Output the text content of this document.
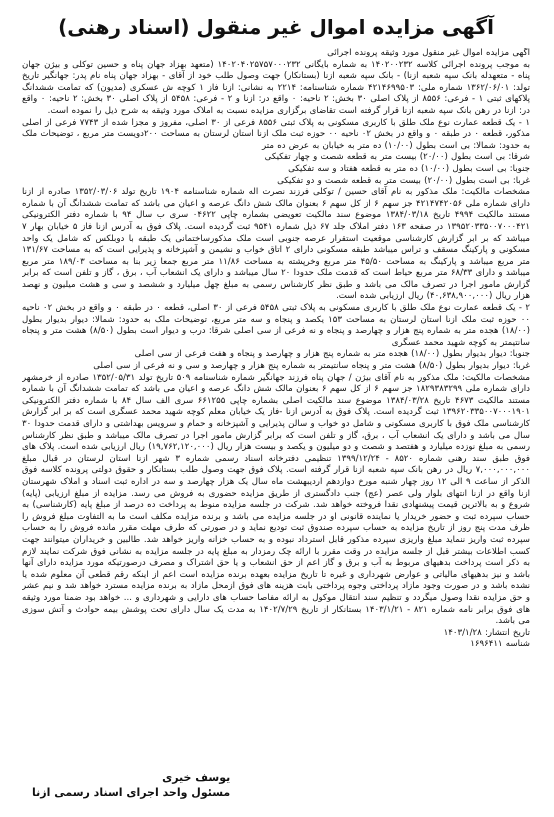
آگهی مزایده اموال غیر منقول (اسناد رهنی)

آگهی مزایده اموال غیر منقول مورد وثیقه پرونده اجرائی

به موجب پرونده اجرائی کلاسه ۱۴۰۲۰۰۲۳۲ به شماره بایگانی ۱۴۰۲۰۴۰۲۵۷۵۷۰۰۰۲۳۲ (متعهد بهزاد جهان پناه و حسین توکلی و بیژن جهان پناه - متعهدله بانک سپه شعبه ازنا) - بانک سپه شعبه ازنا (بستانکار) جهت وصول طلب خود از آقای - بهزاد جهان پناه نام پدر: جهانگیر تاریخ تولد: ۱۳۶۲/۰۶/۰۱ شماره ملی: ۴۲۱۴۶۹۹۵۰۳ شماره شناسنامه: ۲۲۱۴ به نشانی: ازنا فاز ۱ کوچه ش عسکری (مدیون) که تمامت ششدانگ پلاکهای ثبتی ۱ - فرعی: ۸۵۵۶ از پلاک اصلی ۳۰ بخش: ۲ ناحیه: ۰ واقع در: ازنا و ۲ - فرعی: ۵۴۵۸ از پلاک اصلی ۳۰ بخش: ۲ ناحیه: ۰ واقع در: ازنا در رهن بانک سپه شعبه ازنا قرار گرفته است تقاضای برگزاری مزایده نسبت به املاک مورد وثیقه به شرح ذیل را نموده است.

۱ - یک قطعه عمارت نوع ملک طلق با کاربری مسکونی به پلاک ثبتی ۸۵۵۶ فرعی از ۳۰ اصلی، مفروز و مجزا شده از ۷۷۴۳ فرعی از اصلی مذکور، قطعه ۰ در طبقه ۰ و واقع در بخش ۰۲ ناحیه ۰۰ حوزه ثبت ملک ازنا استان لرستان به مساحت ۲۰۰دویست متر مربع ، توضیحات ملک به حدود: شمالا: بی است بطول (۱۰/۰۰) ده متر به خیابان به عرض ده متر

شرقا: بی است بطول (۲۰/۰۰) بیست متر به قطعه شصت و چهار تفکیکی

جنوبا: بی است بطول (۱۰/۰۰) ده متر به قطعه هفتاد و سه تفکیکی

غربا: بی است بطول (۲۰/۰۰) بیست متر به قطعه شصت و دو تفکیکی

مشخصات مالکیت: ملک مذکور به نام آقای حسین / توکلی فرزند نصرت اله شماره شناسنامه ۱۹۰۴ تاریخ تولد ۱۳۵۲/۰۳/۰۶ صادره از ازنا دارای شماره ملی ۴۲۱۴۷۴۲۰۵۶ جز سهم ۶ از کل سهم ۶ بعنوان مالک شش دانگ عرصه و اعیان می باشد که تمامت ششدانگ آن با شماره مستند مالکیت ۴۹۹۴ تاریخ ۱۳۸۴/۰۳/۱۸ موضوع سند مالکیت تعویضی بشماره چاپی ۰۴۶۲۲ سری ب سال ۹۴ با شماره دفتر الکترونیکی ۱۳۹۵۲۰۳۳۵۰۰۷۰۰۰۴۲۱ در صفحه ۱۶۳ دفتر املاک جلد ۶۷ ذیل شماره ۹۵۴۱ ثبت گردیده است. پلاک فوق به آدرس ازنا فاز ۵ خیابان بهار ۷ میباشد که بر ابر گزارش کارشناسی موقعیت استقرار عرصه جنوبی است ملک مذکورساختمانی یک طبقه با دوبلکس که شامل یک واحد مسکونی و پارکینگ مسقف و تراس میباشد طبقه مسکونی دارای ۲ اتاق خواب و نشیمن و آشپزخانه و پذیرایی است که به مساحت ۱۳۱/۶۷ متر مربع میباشد و پارکینگ به مساحت ۴۵/۵۰ متر مربع وخرپشته به مساحت ۱۱/۸۶ متر مربع جمعا زیر بنا به مساحت ۱۸۹/۰۳ متر مربع میباشد و دارای ۶۸/۳۳ متر مربع حیاط است که قدمت ملک حدودا ۲۰ سال میباشد و دارای یک انشعاب آب ، برق ، گاز و تلفن است که برابر گزارش مامور اجرا در تصرف مالک می باشد و طبق نظر کارشناس رسمی به مبلغ چهل میلیارد و ششصد و سی و هشت میلیون و نهصد هزار ریال (۴۰,۶۳۸,۹۰۰,۰۰۰) ریال ارزیابی شده است.

۲ - یک قطعه عمارت نوع ملک طلق با کاربری مسکونی به پلاک ثبتی ۵۴۵۸ فرعی از ۳۰ اصلی، قطعه ۰ در طبقه ۰ و واقع در بخش ۰۲ ناحیه ۰۰ حوزه ثبت ملک ازنا استان لرستان به مساحت ۱۵۳ یکصد و پنجاه و سه متر مربع، توضیحات ملک به حدود: شمالا: دیوار بدیوار بطول (۱۸/۰۰) هجده متر به شماره پنج هزار و چهارصد و پنجاه و نه فرعی از سی اصلی شرقا: درب و دیوار است بطول (۸/۵۰) هشت متر و پنجاه سانتیمتر به کوچه شهید محمد عسگری

جنوبا: دیوار بدیوار بطول (۱۸/۰۰) هجده متر به شماره پنج هزار و چهارصد و پنجاه و هفت فرعی از سی اصلی

غربا: دیوار بدیوار بطول (۸/۵۰) هشت متر و پنجاه سانتیمتر به شماره پنج هزار و چهارصد و سی و نه فرعی از سی اصلی

مشخصات مالکیت: ملک مذکور به نام آقای بیژن / جهان پناه فرزند جهانگیر شماره شناسنامه ۵۰۹ تاریخ تولد ۱۳۵۲/۰۵/۳۱ صادره از خرمشهر دارای شماره ملی ۱۸۲۹۳۸۳۲۹۹ جز سهم ۶ از کل سهم ۶ بعنوان مالک شش دانگ عرصه و اعیان می باشد که تمامت ششدانگ آن با شماره مستند مالکیت ۴۶۷۳ تاریخ ۱۳۸۴/۰۳/۲۸ موضوع سند مالکیت اصلی بشماره چاپی ۶۶۱۲۵۵ سری الف سال ۸۴ با شماره دفتر الکترونیکی ۱۳۹۶۲۰۳۳۵۰۰۷۰۰۰۱۹۰۱ ثبت گردیده است. پلاک فوق به آدرس ازنا -فاز یک خیابان معلم کوچه شهید محمد عسگری است که بر ابر گزارش کارشناسی ملک فوق با کاربری مسکونی و شامل دو خواب و سالن پذیرایی و آشپزخانه و حمام و سرویس بهداشتی و دارای قدمت حدودا ۳۰ سال می باشد و دارای یک انشعاب آب ، برق، گاز و تلفن است که برابر گزارش مامور اجرا در تصرف مالک میباشد و طبق نظر کارشناس رسمی به مبلغ نوزده میلیارد و هفتصد و شصت و دو میلیون و یکصد و بیست هزار ریال (۱۹,۷۶۲,۱۲۰,۰۰۰) ریال ارزیابی شده است. پلاک های فوق طبق سند رهنی شماره ۸۵۲۰ - ۱۳۹۹/۱۲/۲۴ تنظیمی دفترخانه اسناد رسمی شماره ۳ شهر ازنا استان لرستان در قبال مبلغ ۷,۰۰۰,۰۰۰,۰۰۰ ریال در رهن بانک سپه شعبه ازنا قرار گرفته است. پلاک فوق جهت وصول طلب بستانکار و حقوق دولتی پرونده کلاسه فوق الذکر از ساعت ۹ الی ۱۲ روز چهار شنبه مورخ دوازدهم اردیبهشت ماه سال یک هزار چهارصد و سه در اداره ثبت اسناد و املاک شهرستان ازنا واقع در ازنا انتهای بلوار ولی عصر (عج) جنب دادگستری از طریق مزایده حضوری به فروش می رسد. مزایده از مبلغ ارزیابی (پایه) شروع و به بالاترین قیمت پیشنهادی نقدا فروخته خواهد شد. شرکت در جلسه مزایده منوط به پرداخت ده درصد از مبلغ پایه (کارشناسی) به حساب سپرده ثبت و حضور خریدار یا نماینده قانونی او در جلسه مزایده می باشد و برنده مزایده مکلف است ما به التفاوت مبلغ فروش را ظرف مدت پنج روز از تاریخ مزایده به حساب سپرده صندوق ثبت تودیع نماید و در صورتی که طرف مهلت مقرر مانده فروش را به حساب سپرده ثبت واریز ننماید مبلغ واریزی سپرده مذکور قابل استرداد نبوده و به حساب خزانه واریز خواهد شد. طالبین و خریداران میتوانند جهت کسب اطلاعات بیشتر قبل از جلسه مزایده در وقت مقرر با ارائه چک رمزدار به مبلغ پایه در جلسه مزایده به نشانی فوق شرکت نمایند لازم به ذکر است پرداخت بدهیهای مربوط به آب و برق و گاز اعم از حق انشعاب و یا حق اشتراک و مصرف درصورتیکه مورد مزایده دارای آنها باشد و نیز بدهیهای مالیاتی و عوارض شهرداری و غیره تا تاریخ مزایده بعهده برنده مزایده است اعم از اینکه رقم قطعی آن معلوم شده یا نشده باشد و در صورت وجود مازاد پرداختی وجوه پرداختی بابت هزینه های فوق ازمحل مازاد به برنده مزایده مسترد خواهد شد و نیم عشر و حق مزایده نقدا وصول میگردد و تنظیم سند انتقال موکول به ارائه مفاصا حساب های دارایی و شهرداری و ... خواهد بود ضمنا مورد وثیقه های فوق برابر نامه شماره ۸۲۱ - ۱۴۰۳/۱/۲۱ بستانکار از تاریخ ۱۴۰۲/۷/۲۹ به مدت یک سال دارای تحت پوشش بیمه حوادث و آتش سوزی می باشد.

تاریخ انتشار: ۱۴۰۳/۱/۲۸

شناسه ۱۶۹۶۴۱۱

یوسف خیری
مسئول واحد اجرای اسناد رسمی ازنا
